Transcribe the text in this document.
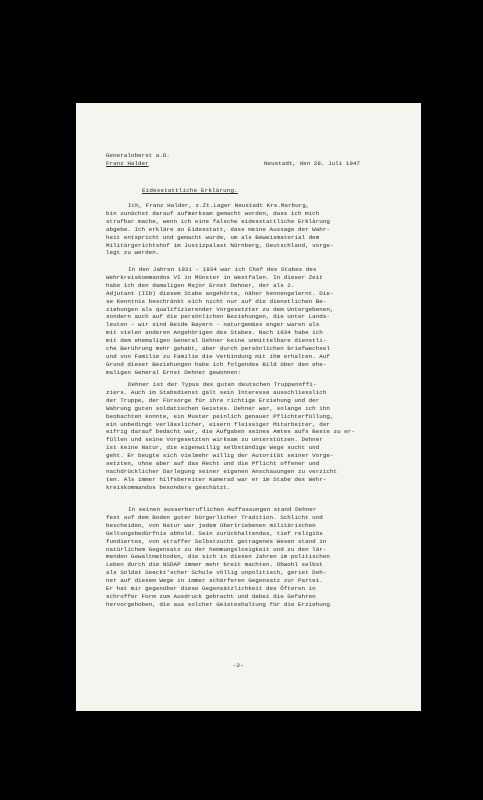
Generaloberst a.D.
Franz Halder	Neustadt, den 28. Juli 1947
Eidesstattliche Erklärung.
Ich, Franz Halder, z.Zt.Lager Neustadt Krs.Marburg,
bin zunächst darauf aufmerksam gemacht worden, dass ich mich
strafbar mache, wenn ich eine falsche eidesstattliche Erklärung
abgebe. Ich erkläre an Eidesstatt, dass meine Aussage der Wahr-
heit entspricht und gemacht wurde, um als Beweismaterial dem
Militärgerichtshof im Justizpalast Nürnberg, Deutschland, vorge-
legt zu werden.
In den Jahren 1931 - 1934 war ich Chef des Stabes des
Wehrkreiskommandos VI in Münster in Westfalen. In dieser Zeit
habe ich den damaligen Major Ernst Dehner, der als 2.
Adjutant (IIb) diesem Stabe angehörte, näher kennengelernt. Die-
se Kenntnis beschränkt sich nicht nur auf die dienstlichen Be-
ziehungen als qualifizierender Vorgesetzter zu dem Untergebenen,
sondern auch auf die persönlichen Beziehungen, die unter Lands-
leuten - wir sind Beide Bayern - naturgemäss enger waren als
mit vielen anderen Angehörigen des Stabes. Nach 1934 habe ich
mit dem ehemaligen General Dehner keine unmittelbare dienstli-
che Berührung mehr gehabt, aber durch persönlichen Briefwechsel
und von Familie zu Familie die Verbindung mit ihm erhalten. Auf
Grund dieser Beziehungen habe ich folgendes Bild über den ehe-
maligen General Ernst Dehner gewonnen:
Dehner ist der Typus des guten deutschen Truppenoffi-
ziers. Auch im Stabsdienst galt sein Interesse ausschliesslich
der Truppe, der Fürsorge für ihre richtige Erziehung und der
Wahrung guten soldatischen Geistes. Dehner war, solange ich ihn
beobachten konnte, ein Muster peinlich genauer Pflichterfüllung,
ein unbedingt verlässlicher, eisern fleissiger Mitarbeiter, der
eifrig darauf bedacht war, die Aufgaben seines Amtes aufs Beste zu er-
füllen und seine Vorgesetzten wirksam zu unterstützen. Dehner
ist keine Natur, die eigenwillig selbständige Wege sucht und
geht. Er beugte sich vielmehr willig der Autorität seiner Vorge-
setzten, ohne aber auf das Recht und die Pflicht offener und
nachdrücklicher Darlegung seiner eigenen Anschauungen zu verzicht
ten. Als immer hilfsbereiter Kamerad war er im Stabe des Wehr-
kreiskommandos besonders geschätzt.
In seinen ausserberuflichen Auffassungen stand Dehner
fest auf dem Boden guter bürgerlicher Tradition. Schlicht und
bescheiden, von Natur war jedem übertriebenen militärischen
Geltungsbedürfnis abhold. Sein zurückhaltendes, tief religiös
fundiertes, von straffer Selbstzucht getragenes Wesen stand in
natürlichem Gegensatz zu der hemmungslosigkeit und zu den lär-
menden Gewaltmethoden, die sich in diesen Jahren im politischen
Leben durch die NSDAP immer mehr breit machten. Obwohl selbst
als Soldat Seeckt'scher Schule völlig unpolitisch, geriet Deh-
ner auf diesem Wege in immer schärferen Gegensatz zur Partei.
Er hat mir gegenüber diese Gegensätzlichkeit des Öfteren in
schroffer Form zum Ausdruck gebracht und dabei die Gefahren
hervorgehoben, die aus solcher Geisteshaltung für die Erziehung
-2-
